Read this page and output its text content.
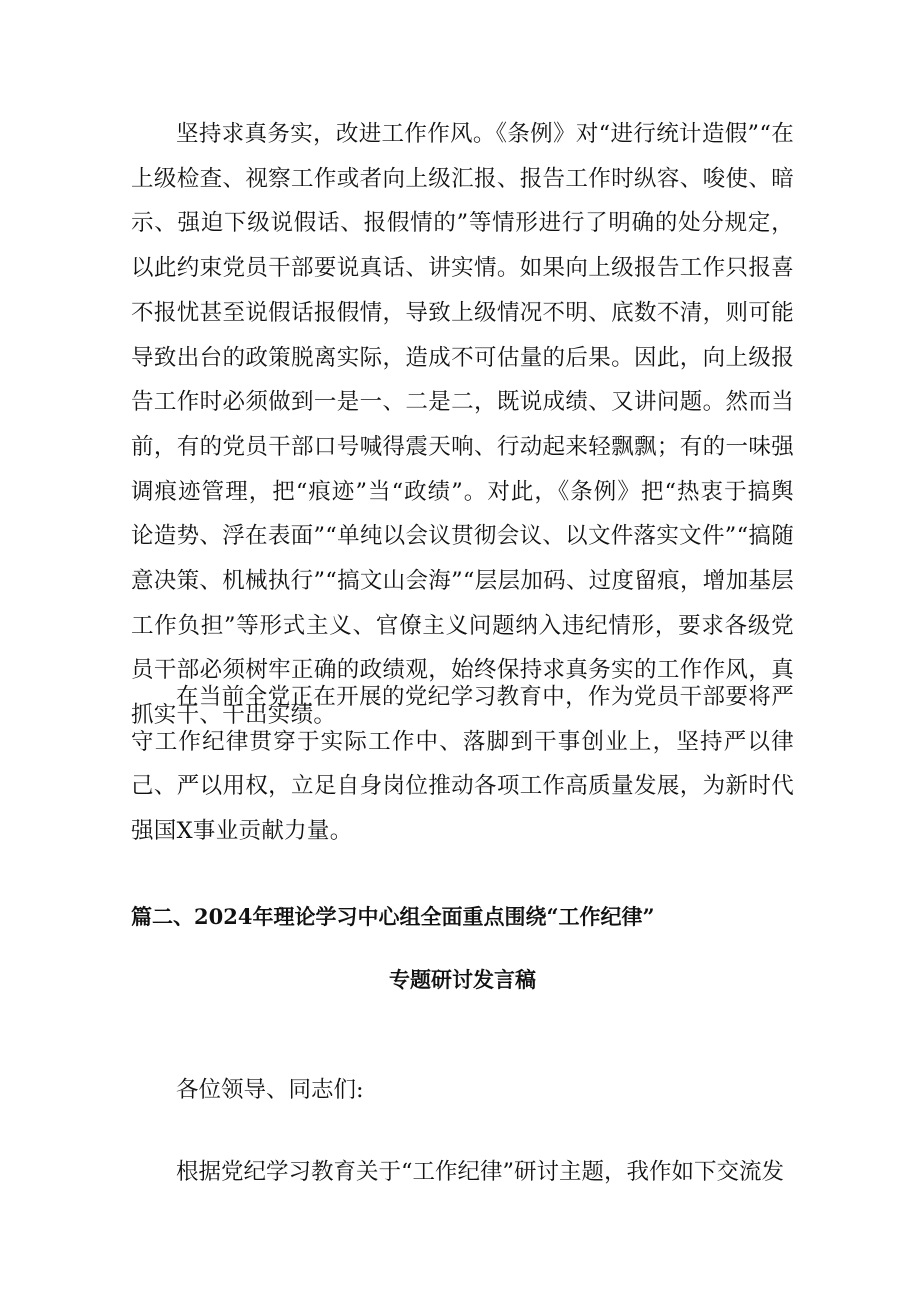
坚持求真务实，改进工作作风。《条例》对“进行统计造假”“在上级检查、视察工作或者向上级汇报、报告工作时纵容、唆使、暗示、强迫下级说假话、报假情的”等情形进行了明确的处分规定，以此约束党员干部要说真话、讲实情。如果向上级报告工作只报喜不报忧甚至说假话报假情，导致上级情况不明、底数不清，则可能导致出台的政策脱离实际，造成不可估量的后果。因此，向上级报告工作时必须做到一是一、二是二，既说成绩、又讲问题。然而当前，有的党员干部口号喊得震天响、行动起来轻飘飘；有的一味强调痕迹管理，把“痕迹”当“政绩”。对此，《条例》把“热衷于搞舆论造势、浮在表面”“单纯以会议贯彻会议、以文件落实文件”“搞随意决策、机械执行”“搞文山会海”“层层加码、过度留痕，增加基层工作负担”等形式主义、官僚主义问题纳入违纪情形，要求各级党员干部必须树牢正确的政绩观，始终保持求真务实的工作作风，真抓实干、干出实绩。

在当前全党正在开展的党纪学习教育中，作为党员干部要将严守工作纪律贯穿于实际工作中、落脚到干事创业上，坚持严以律己、严以用权，立足自身岗位推动各项工作高质量发展，为新时代强国X事业贡献力量。

篇二、2024年理论学习中心组全面重点围绕“工作纪律”

专题研讨发言稿

各位领导、同志们:

根据党纪学习教育关于“工作纪律”研讨主题，我作如下交流发
